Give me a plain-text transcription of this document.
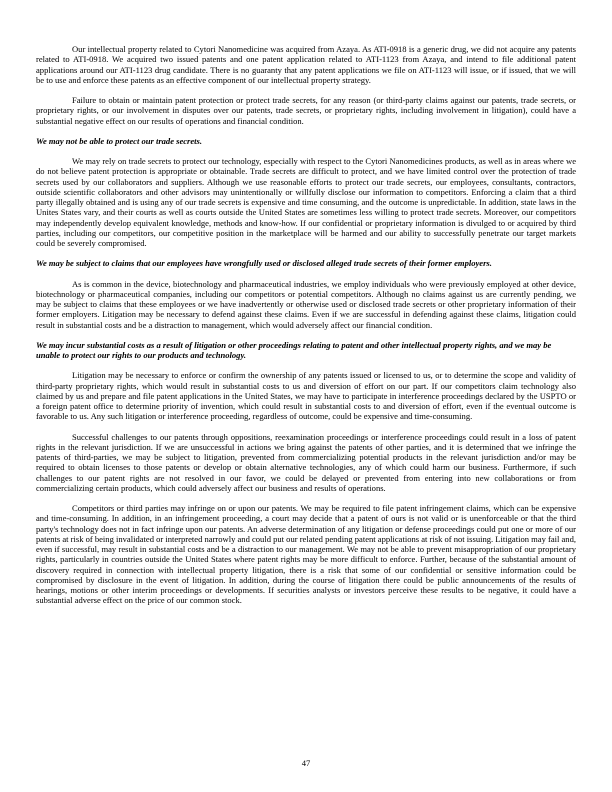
Our intellectual property related to Cytori Nanomedicine was acquired from Azaya. As ATI-0918 is a generic drug, we did not acquire any patents related to ATI-0918. We acquired two issued patents and one patent application related to ATI-1123 from Azaya, and intend to file additional patent applications around our ATI-1123 drug candidate. There is no guaranty that any patent applications we file on ATI-1123 will issue, or if issued, that we will be to use and enforce these patents as an effective component of our intellectual property strategy.

Failure to obtain or maintain patent protection or protect trade secrets, for any reason (or third-party claims against our patents, trade secrets, or proprietary rights, or our involvement in disputes over our patents, trade secrets, or proprietary rights, including involvement in litigation), could have a substantial negative effect on our results of operations and financial condition.

We may not be able to protect our trade secrets.

We may rely on trade secrets to protect our technology, especially with respect to the Cytori Nanomedicines products, as well as in areas where we do not believe patent protection is appropriate or obtainable. Trade secrets are difficult to protect, and we have limited control over the protection of trade secrets used by our collaborators and suppliers. Although we use reasonable efforts to protect our trade secrets, our employees, consultants, contractors, outside scientific collaborators and other advisors may unintentionally or willfully disclose our information to competitors. Enforcing a claim that a third party illegally obtained and is using any of our trade secrets is expensive and time consuming, and the outcome is unpredictable. In addition, state laws in the Unites States vary, and their courts as well as courts outside the United States are sometimes less willing to protect trade secrets. Moreover, our competitors may independently develop equivalent knowledge, methods and know-how. If our confidential or proprietary information is divulged to or acquired by third parties, including our competitors, our competitive position in the marketplace will be harmed and our ability to successfully penetrate our target markets could be severely compromised.

We may be subject to claims that our employees have wrongfully used or disclosed alleged trade secrets of their former employers.

As is common in the device, biotechnology and pharmaceutical industries, we employ individuals who were previously employed at other device, biotechnology or pharmaceutical companies, including our competitors or potential competitors. Although no claims against us are currently pending, we may be subject to claims that these employees or we have inadvertently or otherwise used or disclosed trade secrets or other proprietary information of their former employers. Litigation may be necessary to defend against these claims. Even if we are successful in defending against these claims, litigation could result in substantial costs and be a distraction to management, which would adversely affect our financial condition.

We may incur substantial costs as a result of litigation or other proceedings relating to patent and other intellectual property rights, and we may be unable to protect our rights to our products and technology.

Litigation may be necessary to enforce or confirm the ownership of any patents issued or licensed to us, or to determine the scope and validity of third-party proprietary rights, which would result in substantial costs to us and diversion of effort on our part. If our competitors claim technology also claimed by us and prepare and file patent applications in the United States, we may have to participate in interference proceedings declared by the USPTO or a foreign patent office to determine priority of invention, which could result in substantial costs to and diversion of effort, even if the eventual outcome is favorable to us. Any such litigation or interference proceeding, regardless of outcome, could be expensive and time-consuming.

Successful challenges to our patents through oppositions, reexamination proceedings or interference proceedings could result in a loss of patent rights in the relevant jurisdiction. If we are unsuccessful in actions we bring against the patents of other parties, and it is determined that we infringe the patents of third-parties, we may be subject to litigation, prevented from commercializing potential products in the relevant jurisdiction and/or may be required to obtain licenses to those patents or develop or obtain alternative technologies, any of which could harm our business. Furthermore, if such challenges to our patent rights are not resolved in our favor, we could be delayed or prevented from entering into new collaborations or from commercializing certain products, which could adversely affect our business and results of operations.

Competitors or third parties may infringe on or upon our patents. We may be required to file patent infringement claims, which can be expensive and time-consuming. In addition, in an infringement proceeding, a court may decide that a patent of ours is not valid or is unenforceable or that the third party's technology does not in fact infringe upon our patents. An adverse determination of any litigation or defense proceedings could put one or more of our patents at risk of being invalidated or interpreted narrowly and could put our related pending patent applications at risk of not issuing. Litigation may fail and, even if successful, may result in substantial costs and be a distraction to our management. We may not be able to prevent misappropriation of our proprietary rights, particularly in countries outside the United States where patent rights may be more difficult to enforce. Further, because of the substantial amount of discovery required in connection with intellectual property litigation, there is a risk that some of our confidential or sensitive information could be compromised by disclosure in the event of litigation. In addition, during the course of litigation there could be public announcements of the results of hearings, motions or other interim proceedings or developments. If securities analysts or investors perceive these results to be negative, it could have a substantial adverse effect on the price of our common stock.

47
